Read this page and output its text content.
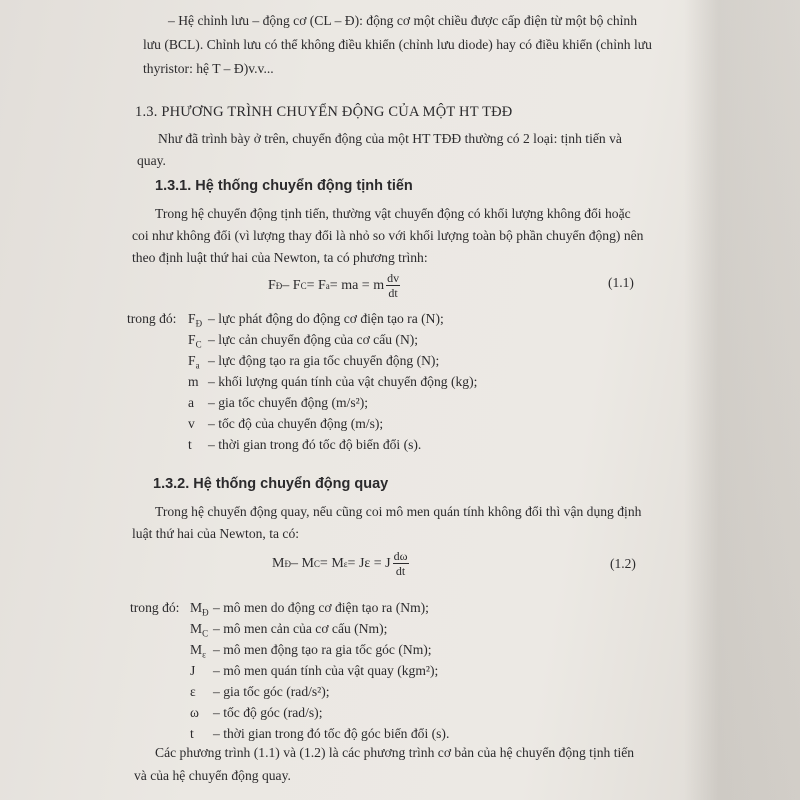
– Hệ chỉnh lưu – động cơ (CL – Đ): động cơ một chiều được cấp điện từ một bộ chỉnh
lưu (BCL). Chỉnh lưu có thể không điều khiển (chỉnh lưu diode) hay có điều khiển (chỉnh lưu
thyristor: hệ T – Đ)v.v...
1.3. PHƯƠNG TRÌNH CHUYỂN ĐỘNG CỦA MỘT HT TĐĐ
Như đã trình bày ở trên, chuyển động của một HT TĐĐ thường có 2 loại: tịnh tiến và
quay.
1.3.1. Hệ thống chuyển động tịnh tiến
Trong hệ chuyển động tịnh tiến, thường vật chuyển động có khối lượng không đổi hoặc
coi như không đổi (vì lượng thay đổi là nhỏ so với khối lượng toàn bộ phần chuyển động) nên
theo định luật thứ hai của Newton, ta có phương trình:
F Đ – F C = F a = ma = m $\frac{dv}{dt}$	(1.1)
trong đó: $F_Đ$ – lực phát động do động cơ điện tạo ra (N);
$F_C$ – lực cản chuyển động của cơ cấu (N);
$F_a$ – lực động tạo ra gia tốc chuyển động (N);
m – khối lượng quán tính của vật chuyển động (kg);
a – gia tốc chuyển động (m/s²);
v – tốc độ của chuyển động (m/s);
t – thời gian trong đó tốc độ biến đổi (s).
1.3.2. Hệ thống chuyển động quay
Trong hệ chuyển động quay, nếu cũng coi mô men quán tính không đổi thì vận dụng định
luật thứ hai của Newton, ta có:
M Đ – M C = M ε = Jε = J $\frac{d\omega}{dt}$	(1.2)
trong đó: $M_Đ$ – mô men do động cơ điện tạo ra (Nm);
$M_C$ – mô men cản của cơ cấu (Nm);
$M_\varepsilon$ – mô men động tạo ra gia tốc góc (Nm);
J – mô men quán tính của vật quay (kgm²);
ε – gia tốc góc (rad/s²);
ω – tốc độ góc (rad/s);
t – thời gian trong đó tốc độ góc biến đổi (s).
Các phương trình (1.1) và (1.2) là các phương trình cơ bản của hệ chuyển động tịnh tiến
và của hệ chuyển động quay.
